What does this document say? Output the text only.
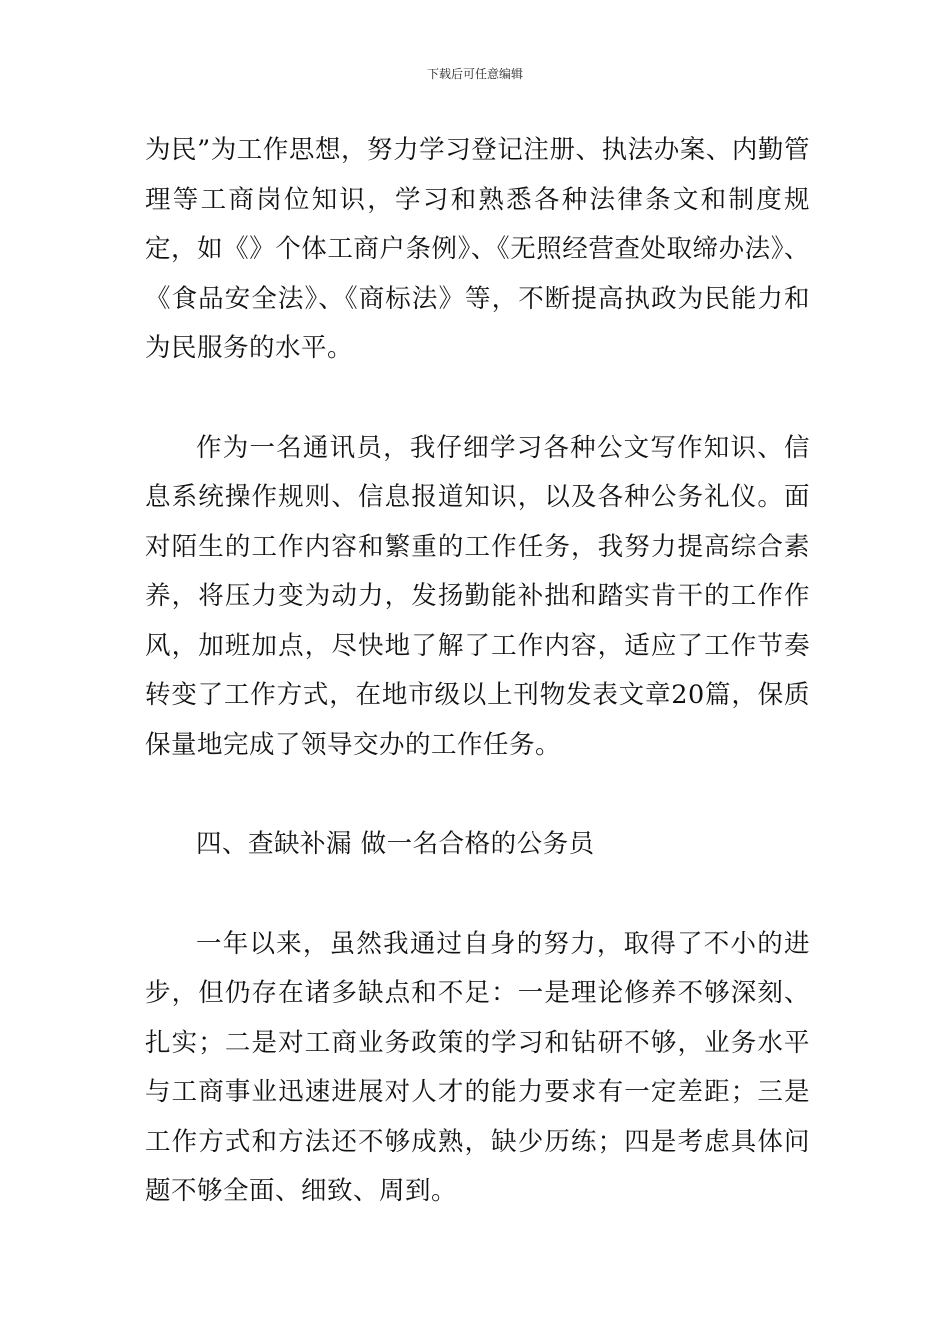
下载后可任意编辑

为民”为工作思想，努力学习登记注册、执法办案、内勤管理等工商岗位知识，学习和熟悉各种法律条文和制度规定，如《》个体工商户条例》、《无照经营查处取缔办法》、《食品安全法》、《商标法》等，不断提高执政为民能力和为民服务的水平。

作为一名通讯员，我仔细学习各种公文写作知识、信息系统操作规则、信息报道知识，以及各种公务礼仪。面对陌生的工作内容和繁重的工作任务，我努力提高综合素养，将压力变为动力，发扬勤能补拙和踏实肯干的工作作风，加班加点，尽快地了解了工作内容，适应了工作节奏转变了工作方式，在地市级以上刊物发表文章20篇，保质保量地完成了领导交办的工作任务。

四、查缺补漏 做一名合格的公务员

一年以来，虽然我通过自身的努力，取得了不小的进步，但仍存在诸多缺点和不足：一是理论修养不够深刻、扎实；二是对工商业务政策的学习和钻研不够，业务水平与工商事业迅速进展对人才的能力要求有一定差距；三是工作方式和方法还不够成熟，缺少历练；四是考虑具体问题不够全面、细致、周到。
